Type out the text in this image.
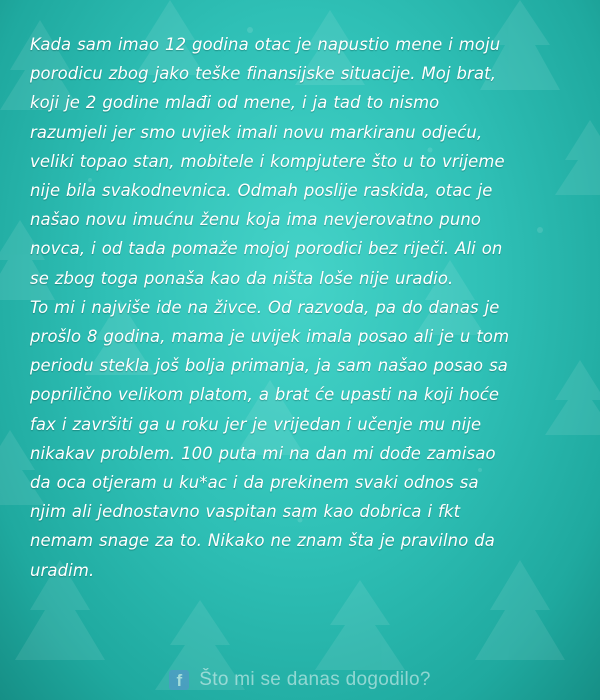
Kada sam imao 12 godina otac je napustio mene i moju
porodicu zbog jako teške finansijske situacije. Moj brat,
koji je 2 godine mlađi od mene, i ja tad to nismo
razumjeli jer smo uvjiek imali novu markiranu odjeću,
veliki topao stan, mobitele i kompjutere što u to vrijeme
nije bila svakodnevnica. Odmah poslije raskida, otac je
našao novu imućnu ženu koja ima nevjerovatno puno
novca, i od tada pomaže mojoj porodici bez riječi. Ali on
se zbog toga ponaša kao da ništa loše nije uradio.
To mi i najviše ide na živce. Od razvoda, pa do danas je
prošlo 8 godina, mama je uvijek imala posao ali je u tom
periodu stekla još bolja primanja, ja sam našao posao sa
poprilično velikom platom, a brat će upasti na koji hoće
fax i završiti ga u roku jer je vrijedan i učenje mu nije
nikakav problem. 100 puta mi na dan mi dođe zamisao
da oca otjeram u ku*ac i da prekinem svaki odnos sa
njim ali jednostavno vaspitan sam kao dobrica i fkt
nemam snage za to. Nikako ne znam šta je pravilno da
uradim.
f Što mi se danas dogodilo?
